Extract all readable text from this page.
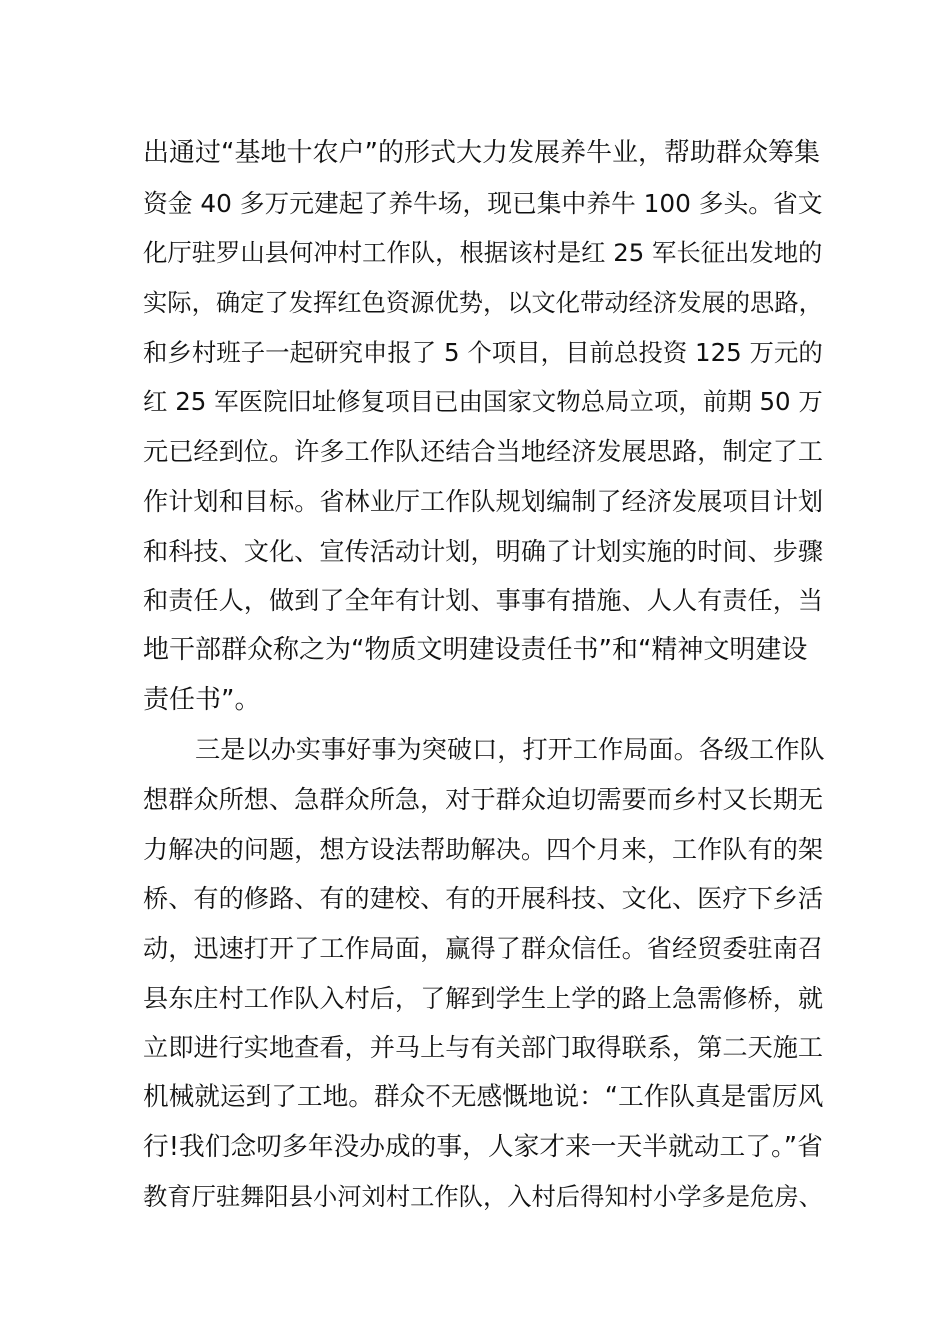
出通过“基地十农户”的形式大力发展养牛业，帮助群众筹集
资金 40 多万元建起了养牛场，现已集中养牛 100 多头。省文
化厅驻罗山县何冲村工作队，根据该村是红 25 军长征出发地的
实际，确定了发挥红色资源优势，以文化带动经济发展的思路，
和乡村班子一起研究申报了 5 个项目，目前总投资 125 万元的
红 25 军医院旧址修复项目已由国家文物总局立项，前期 50 万
元已经到位。许多工作队还结合当地经济发展思路，制定了工
作计划和目标。省林业厅工作队规划编制了经济发展项目计划
和科技、文化、宣传活动计划，明确了计划实施的时间、步骤
和责任人，做到了全年有计划、事事有措施、人人有责任，当
地干部群众称之为“物质文明建设责任书”和“精神文明建设
责任书”。
三是以办实事好事为突破口，打开工作局面。各级工作队
想群众所想、急群众所急，对于群众迫切需要而乡村又长期无
力解决的问题，想方设法帮助解决。四个月来，工作队有的架
桥、有的修路、有的建校、有的开展科技、文化、医疗下乡活
动，迅速打开了工作局面，赢得了群众信任。省经贸委驻南召
县东庄村工作队入村后，了解到学生上学的路上急需修桥，就
立即进行实地查看，并马上与有关部门取得联系，第二天施工
机械就运到了工地。群众不无感慨地说：“工作队真是雷厉风
行!我们念叨多年没办成的事，人家才来一天半就动工了。”省
教育厅驻舞阳县小河刘村工作队，入村后得知村小学多是危房、
